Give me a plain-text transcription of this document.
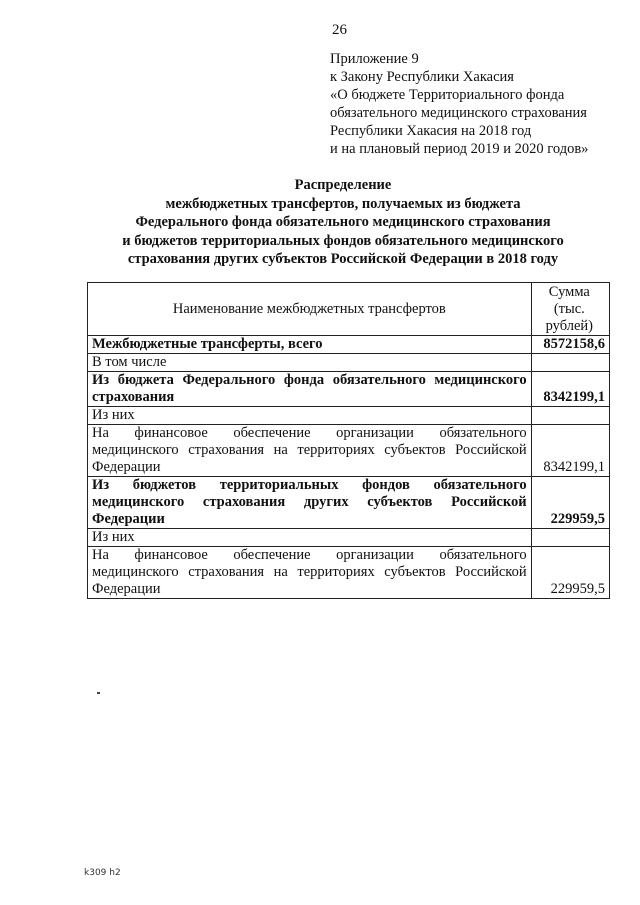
26
Приложение 9
к Закону Республики Хакасия
«О бюджете Территориального фонда
обязательного медицинского страхования
Республики Хакасия на 2018 год
и на плановый период 2019 и 2020 годов»
Распределение
межбюджетных трансфертов, получаемых из бюджета
Федерального фонда обязательного медицинского страхования
и бюджетов территориальных фондов обязательного медицинского
страхования других субъектов Российской Федерации в 2018 году
Наименование межбюджетных трансфертов	Сумма (тыс. рублей)
Межбюджетные трансферты, всего	8572158,6
В том числе	
Из бюджета Федерального фонда обязательного медицинского страхования	8342199,1
Из них	
На финансовое обеспечение организации обязательного медицинского страхования на территориях субъектов Российской Федерации	8342199,1
Из бюджетов территориальных фондов обязательного медицинского страхования других субъектов Российской Федерации	229959,5
Из них	
На финансовое обеспечение организации обязательного медицинского страхования на территориях субъектов Российской Федерации	229959,5
k309 h2
